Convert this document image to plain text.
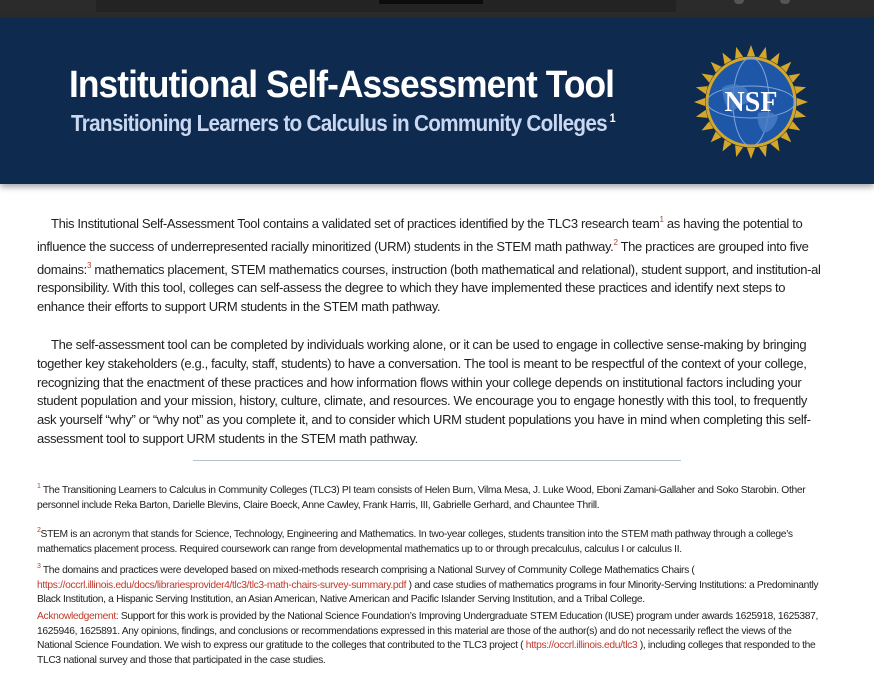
Institutional Self-Assessment Tool
Transitioning Learners to Calculus in Community Colleges $^1$	NSF

This Institutional Self-Assessment Tool contains a validated set of practices identified by the TLC3 research team$^1$ as having the potential to influence the success of underrepresented racially minoritized (URM) students in the STEM math pathway.$^2$ The practices are grouped into five domains:$^3$ mathematics placement, STEM mathematics courses, instruction (both mathematical and relational), student support, and institution-al responsibility. With this tool, colleges can self-assess the degree to which they have implemented these practices and identify next steps to enhance their efforts to support URM students in the STEM math pathway.

The self-assessment tool can be completed by individuals working alone, or it can be used to engage in collective sense-making by bringing together key stakeholders (e.g., faculty, staff, students) to have a conversation. The tool is meant to be respectful of the context of your college, recognizing that the enactment of these practices and how information flows within your college depends on institutional factors including your student population and your mission, history, culture, climate, and resources. We encourage you to engage honestly with this tool, to frequently ask yourself “why” or “why not” as you complete it, and to consider which URM student populations you have in mind when completing this self-assessment tool to support URM students in the STEM math pathway.

$^1$ The Transitioning Learners to Calculus in Community Colleges (TLC3) PI team consists of Helen Burn, Vilma Mesa, J. Luke Wood, Eboni Zamani-Gallaher and Soko Starobin. Other personnel include Reka Barton, Darielle Blevins, Claire Boeck, Anne Cawley, Frank Harris, III, Gabrielle Gerhard, and Chauntee Thrill.

$^2$STEM is an acronym that stands for Science, Technology, Engineering and Mathematics. In two-year colleges, students transition into the STEM math pathway through a college’s mathematics placement process. Required coursework can range from developmental mathematics up to or through precalculus, calculus I or calculus II.

$^3$ The domains and practices were developed based on mixed-methods research comprising a National Survey of Community College Mathematics Chairs ( https://occrl.illinois.edu/docs/librariesprovider4/tlc3/tlc3-math-chairs-survey-summary.pdf ) and case studies of mathematics programs in four Minority-Serving Institutions: a Predominantly Black Institution, a Hispanic Serving Institution, an Asian American, Native American and Pacific Islander Serving Institution, and a Tribal College.

Acknowledgement: Support for this work is provided by the National Science Foundation’s Improving Undergraduate STEM Education (IUSE) program under awards 1625918, 1625387, 1625946, 1625891. Any opinions, findings, and conclusions or recommendations expressed in this material are those of the author(s) and do not necessarily reflect the views of the National Science Foundation. We wish to express our gratitude to the colleges that contributed to the TLC3 project ( https://occrl.illinois.edu/tlc3 ), including colleges that responded to the TLC3 national survey and those that participated in the case studies.
